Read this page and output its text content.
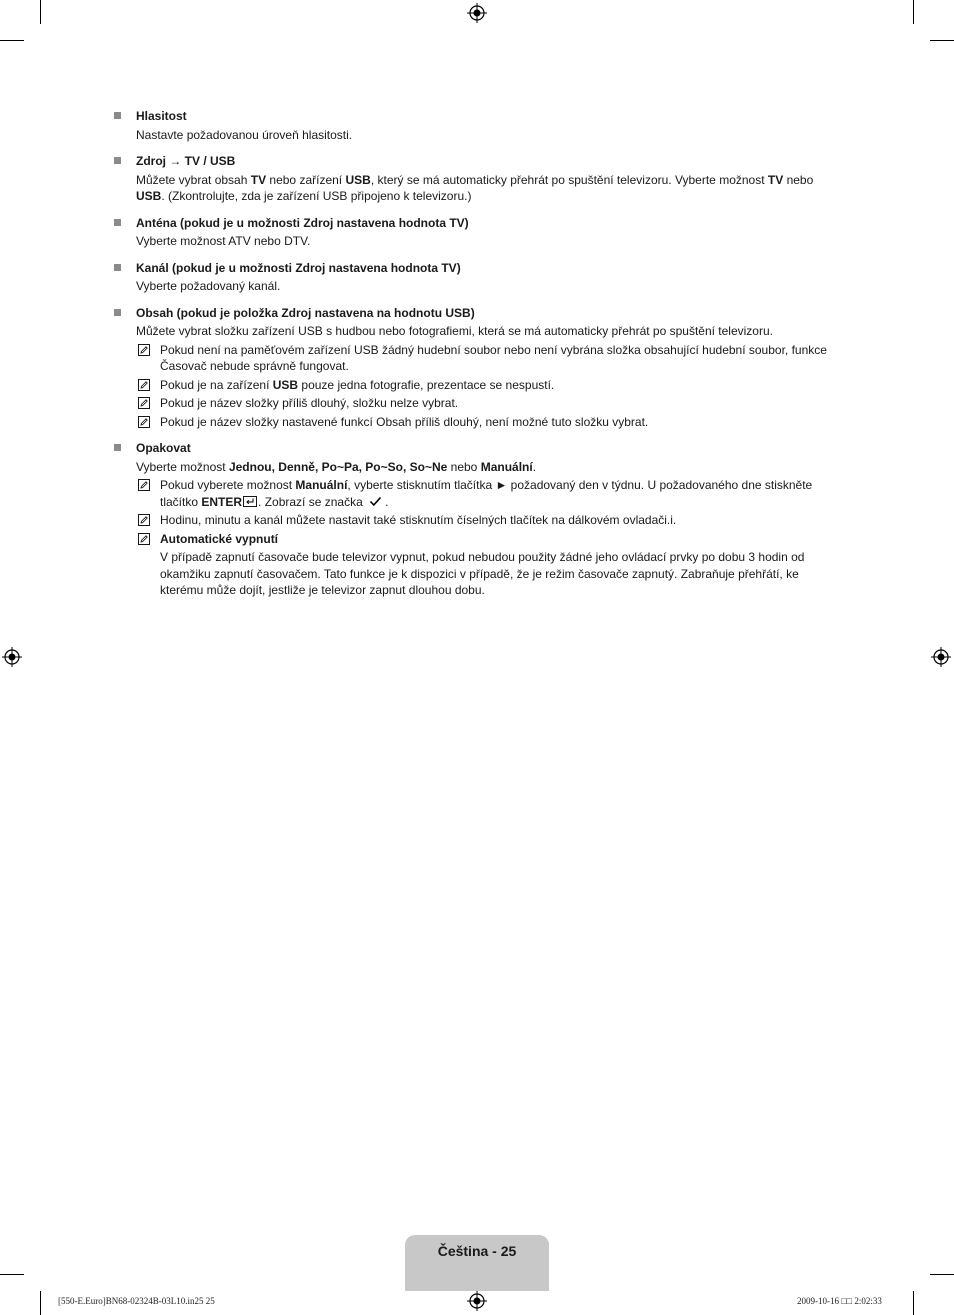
Hlasitost

Nastavte požadovanou úroveň hlasitosti.

Zdroj → TV / USB

Můžete vybrat obsah TV nebo zařízení USB, který se má automaticky přehrát po spuštění televizoru. Vyberte možnost TV nebo USB. (Zkontrolujte, zda je zařízení USB připojeno k televizoru.)

Anténa (pokud je u možnosti Zdroj nastavena hodnota TV)

Vyberte možnost ATV nebo DTV.

Kanál (pokud je u možnosti Zdroj nastavena hodnota TV)

Vyberte požadovaný kanál.

Obsah (pokud je položka Zdroj nastavena na hodnotu USB)

Můžete vybrat složku zařízení USB s hudbou nebo fotografiemi, která se má automaticky přehrát po spuštění televizoru.

Pokud není na paměťovém zařízení USB žádný hudební soubor nebo není vybrána složka obsahující hudební soubor, funkce Časovač nebude správně fungovat.
Pokud je na zařízení USB pouze jedna fotografie, prezentace se nespustí.
Pokud je název složky příliš dlouhý, složku nelze vybrat.
Pokud je název složky nastavené funkcí Obsah příliš dlouhý, není možné tuto složku vybrat.
Opakovat

Vyberte možnost Jednou, Denně, Po~Pa, Po~So, So~Ne nebo Manuální.

Pokud vyberete možnost Manuální, vyberte stisknutím tlačítka ► požadovaný den v týdnu. U požadovaného dne stiskněte tlačítko ENTER . Zobrazí se značka .
Hodinu, minutu a kanál můžete nastavit také stisknutím číselných tlačítek na dálkovém ovladači.i.
Automatické vypnutí
V případě zapnutí časovače bude televizor vypnut, pokud nebudou použity žádné jeho ovládací prvky po dobu 3 hodin od okamžiku zapnutí časovačem. Tato funkce je k dispozici v případě, že je režim časovače zapnutý. Zabraňuje přehřátí, ke kterému může dojít, jestliže je televizor zapnut dlouhou dobu.
Čeština - 25
[550-E.Euro]BN68-02324B-03L10.in25 25	2009-10-16 □□ 2:02:33
